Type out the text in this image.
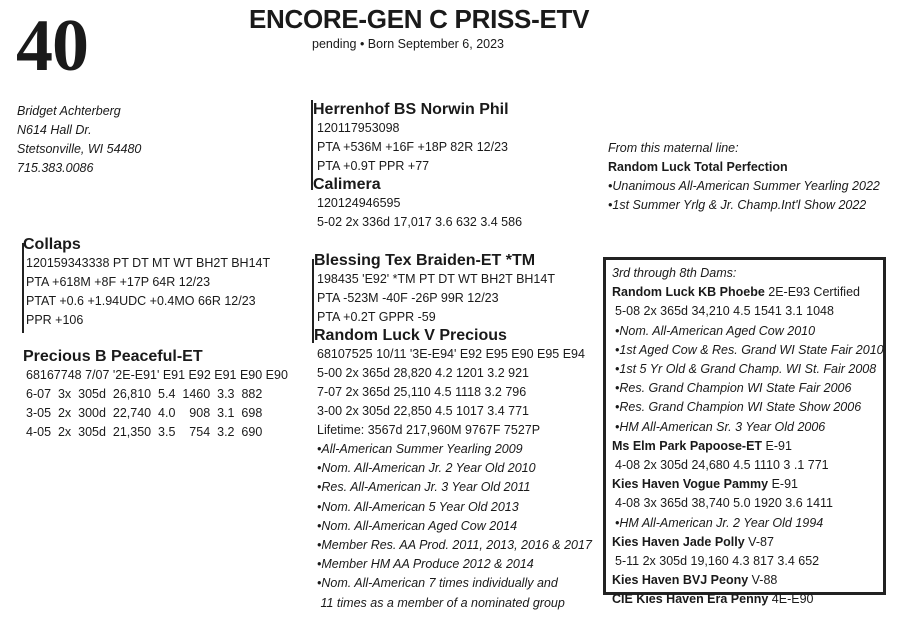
40	ENCORE-GEN C PRISS-ETV
pending • Born September 6, 2023
Bridget Achterberg
N614 Hall Dr.
Stetsonville, WI 54480
715.383.0086
Herrenhof BS Norwin Phil
120117953098
PTA +536M +16F +18P 82R 12/23
PTA +0.9T PPR +77
Calimera
120124946595
5-02 2x 336d 17,017 3.6 632 3.4 586
Collaps
120159343338 PT DT MT WT BH2T BH14T
PTA +618M +8F +17P 64R 12/23
PTAT +0.6 +1.94UDC +0.4MO 66R 12/23
PPR +106
Precious B Peaceful-ET
68167748 7/07 '2E-E91' E91 E92 E91 E90 E90
6-07  3x  305d  26,810  5.4  1460  3.3  882
3-05  2x  300d  22,740  4.0    908  3.1  698
4-05  2x  305d  21,350  3.5    754  3.2  690
Blessing Tex Braiden-ET *TM
198435 'E92' *TM PT DT WT BH2T BH14T
PTA -523M -40F -26P 99R 12/23
PTA +0.2T GPPR -59
Random Luck V Precious
68107525 10/11 '3E-E94' E92 E95 E90 E95 E94
5-00 2x 365d 28,820 4.2 1201 3.2 921
7-07 2x 365d 25,110 4.5 1118 3.2 796
3-00 2x 305d 22,850 4.5 1017 3.4 771
Lifetime: 3567d 217,960M 9767F 7527P
•All-American Summer Yearling 2009
•Nom. All-American Jr. 2 Year Old 2010
•Res. All-American Jr. 3 Year Old 2011
•Nom. All-American 5 Year Old 2013
•Nom. All-American Aged Cow 2014
•Member Res. AA Prod. 2011, 2013, 2016 & 2017
•Member HM AA Produce 2012 & 2014
•Nom. All-American 7 times individually and
11 times as a member of a nominated group
From this maternal line:
Random Luck Total Perfection
•Unanimous All-American Summer Yearling 2022
•1st Summer Yrlg & Jr. Champ.Int'l Show 2022
3rd through 8th Dams:
Random Luck KB Phoebe 2E-E93 Certified
5-08 2x 365d 34,210 4.5 1541 3.1 1048
•Nom. All-American Aged Cow 2010
•1st Aged Cow & Res. Grand WI State Fair 2010
•1st 5 Yr Old & Grand Champ. WI St. Fair 2008
•Res. Grand Champion WI State Fair 2006
•Res. Grand Champion WI State Show 2006
•HM All-American Sr. 3 Year Old 2006
Ms Elm Park Papoose-ET E-91
4-08 2x 305d 24,680 4.5 1110 3 .1 771
Kies Haven Vogue Pammy E-91
4-08 3x 365d 38,740 5.0 1920 3.6 1411
•HM All-American Jr. 2 Year Old 1994
Kies Haven Jade Polly V-87
5-11 2x 305d 19,160 4.3 817 3.4 652
Kies Haven BVJ Peony V-88
CIE Kies Haven Era Penny 4E-E90
